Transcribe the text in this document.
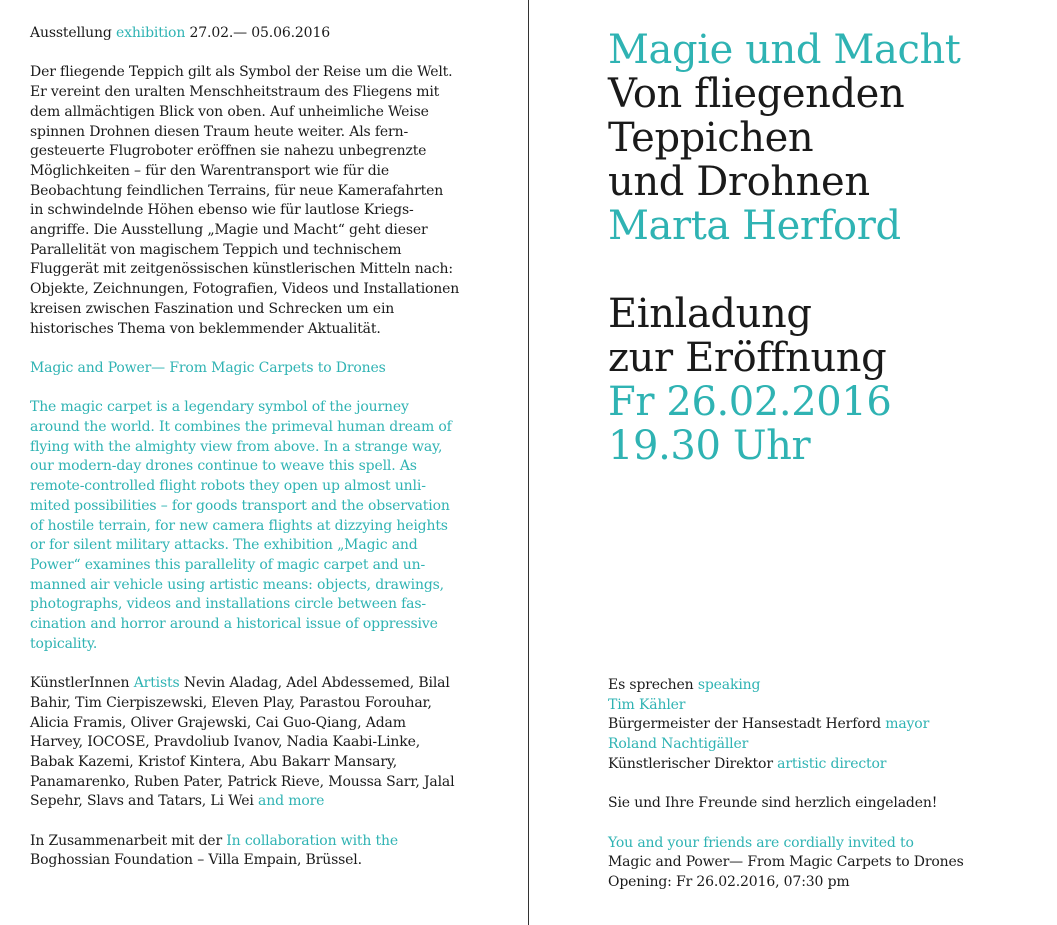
Ausstellung exhibition 27.02.— 05.06.2016

Der fliegende Teppich gilt als Symbol der Reise um die Welt. Er vereint den uralten Menschheitstraum des Fliegens mit dem allmächtigen Blick von oben. Auf unheimliche Weise spinnen Drohnen diesen Traum heute weiter. Als ferngesteuerte Flugroboter eröffnen sie nahezu unbegrenzte Möglichkeiten – für den Warentransport wie für die Beobachtung feindlichen Terrains, für neue Kamerafahrten in schwindelnde Höhen ebenso wie für lautlose Kriegsangriffe. Die Ausstellung „Magie und Macht“ geht dieser Parallelität von magischem Teppich und technischem Fluggerät mit zeitgenössischen künstlerischen Mitteln nach: Objekte, Zeichnungen, Fotografien, Videos und Installationen kreisen zwischen Faszination und Schrecken um ein historisches Thema von beklemmender Aktualität.

Magic and Power— From Magic Carpets to Drones

The magic carpet is a legendary symbol of the journey around the world. It combines the primeval human dream of flying with the almighty view from above. In a strange way, our modern-day drones continue to weave this spell. As remote-controlled flight robots they open up almost unlimited possibilities – for goods transport and the observation of hostile terrain, for new camera flights at dizzying heights or for silent military attacks. The exhibition „Magic and Power“ examines this parallelity of magic carpet and unmanned air vehicle using artistic means: objects, drawings, photographs, videos and installations circle between fascination and horror around a historical issue of oppressive topicality.

KünstlerInnen Artists Nevin Aladag, Adel Abdessemed, Bilal Bahir, Tim Cierpiszewski, Eleven Play, Parastou Forouhar, Alicia Framis, Oliver Grajewski, Cai Guo-Qiang, Adam Harvey, IOCOSE, Pravdoliub Ivanov, Nadia Kaabi-Linke, Babak Kazemi, Kristof Kintera, Abu Bakarr Mansary, Panamarenko, Ruben Pater, Patrick Rieve, Moussa Sarr, Jalal Sepehr, Slavs and Tatars, Li Wei and more

In Zusammenarbeit mit der In collaboration with the Boghossian Foundation – Villa Empain, Brüssel.

Magie und Macht
Von fliegenden
Teppichen
und Drohnen
Marta Herford
Einladung
zur Eröffnung
Fr 26.02.2016
19.30 Uhr
Es sprechen speaking
Tim Kähler
Bürgermeister der Hansestadt Herford mayor
Roland Nachtigäller
Künstlerischer Direktor artistic director
Sie und Ihre Freunde sind herzlich eingeladen!
You and your friends are cordially invited to
Magic and Power— From Magic Carpets to Drones
Opening: Fr 26.02.2016, 07:30 pm
